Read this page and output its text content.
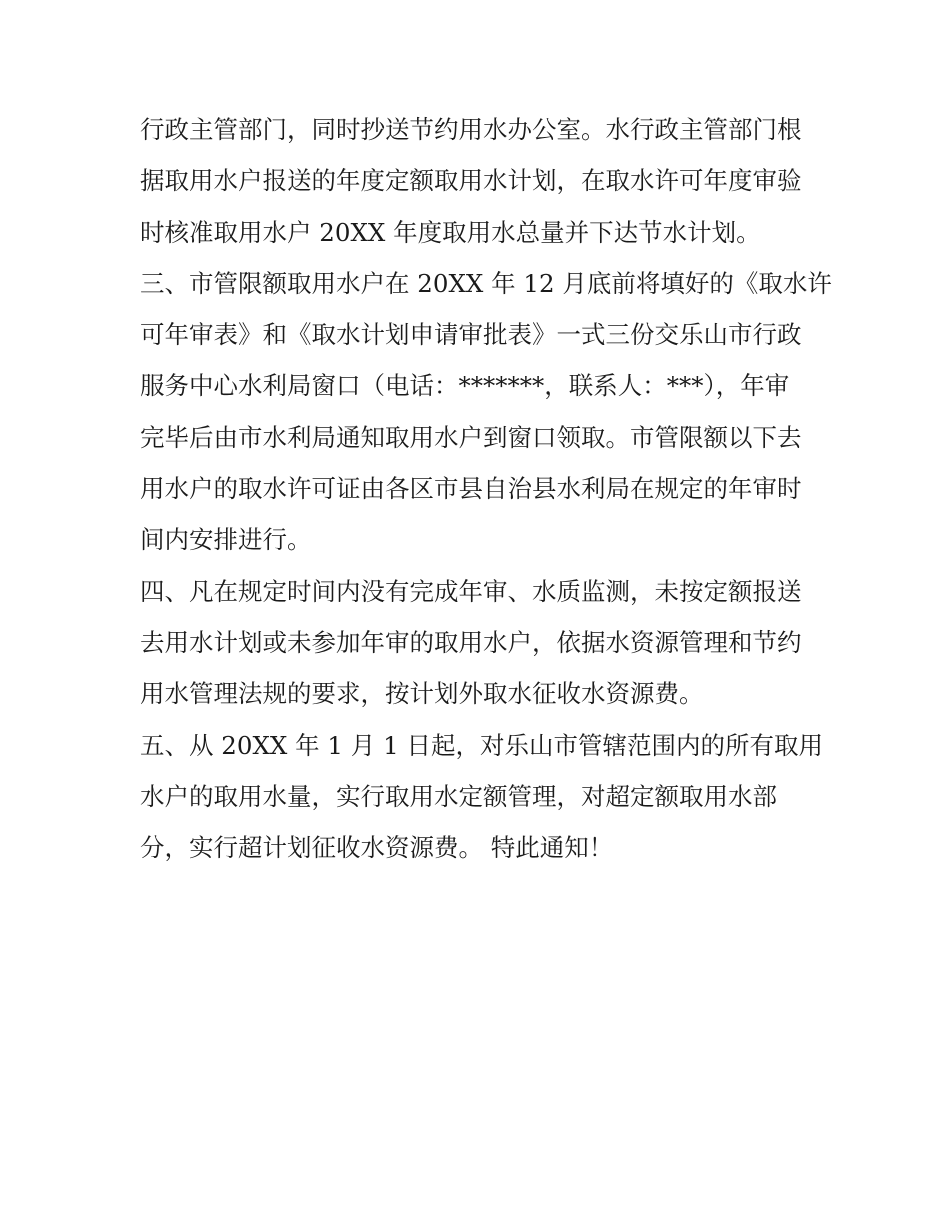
行政主管部门，同时抄送节约用水办公室。水行政主管部门根
据取用水户报送的年度定额取用水计划，在取水许可年度审验
时核准取用水户 20XX 年度取用水总量并下达节水计划。
三、市管限额取用水户在 20XX 年 12 月底前将填好的《取水许
可年审表》和《取水计划申请审批表》一式三份交乐山市行政
服务中心水利局窗口（电话：*******，联系人：***），年审
完毕后由市水利局通知取用水户到窗口领取。市管限额以下去
用水户的取水许可证由各区市县自治县水利局在规定的年审时
间内安排进行。
四、凡在规定时间内没有完成年审、水质监测，未按定额报送
去用水计划或未参加年审的取用水户，依据水资源管理和节约
用水管理法规的要求，按计划外取水征收水资源费。
五、从 20XX 年 1 月 1 日起，对乐山市管辖范围内的所有取用
水户的取用水量，实行取用水定额管理，对超定额取用水部
分，实行超计划征收水资源费。 特此通知！
